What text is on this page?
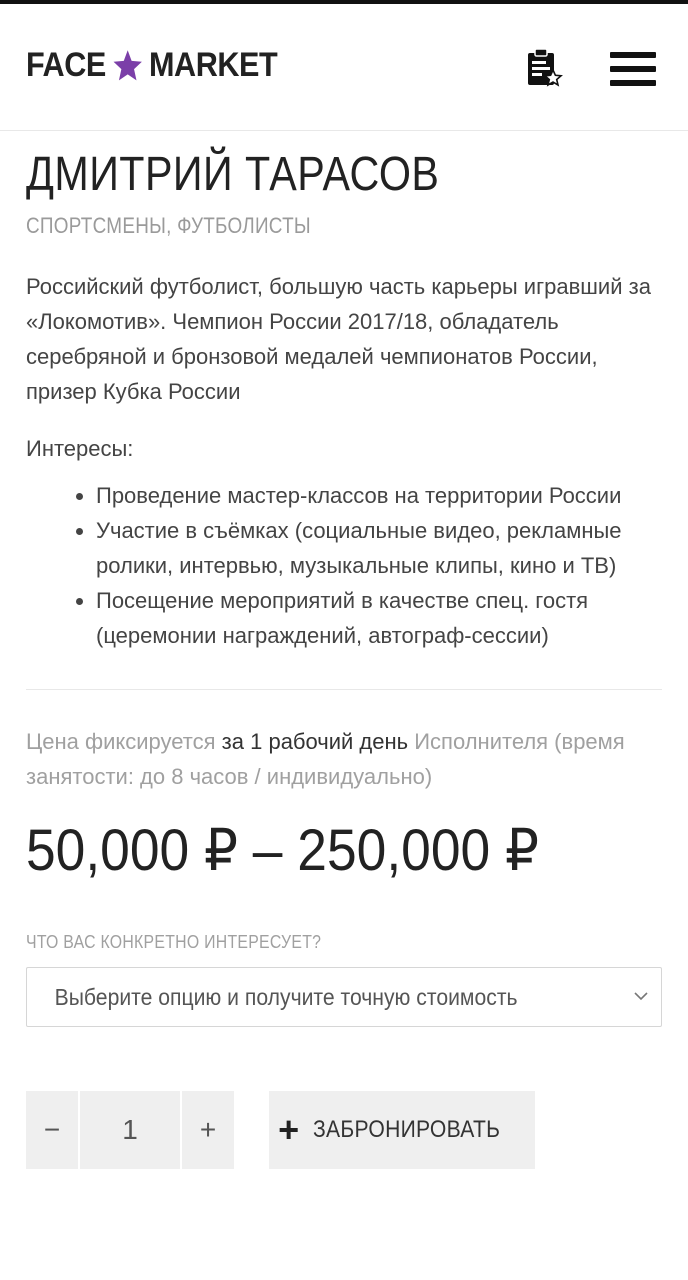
FACE MARKET
ДМИТРИЙ ТАРАСОВ
СПОРТСМЕНЫ, ФУТБОЛИСТЫ

Российский футболист, большую часть карьеры игравший за «Локомотив». Чемпион России 2017/18, обладатель серебряной и бронзовой медалей чемпионатов России, призер Кубка России

Интересы:
• Проведение мастер-классов на территории России
• Участие в съёмках (социальные видео, рекламные ролики, интервью, музыкальные клипы, кино и ТВ)
• Посещение мероприятий в качестве спец. гостя (церемонии награждений, автограф-сессии)
Цена фиксируется за 1 рабочий день Исполнителя (время занятости: до 8 часов / индивидуально)
50,000 ₽ – 250,000 ₽
ЧТО ВАС КОНКРЕТНО ИНТЕРЕСУЕТ?
Выберите опцию и получите точную стоимость
−	1	+	+ ЗАБРОНИРОВАТЬ
